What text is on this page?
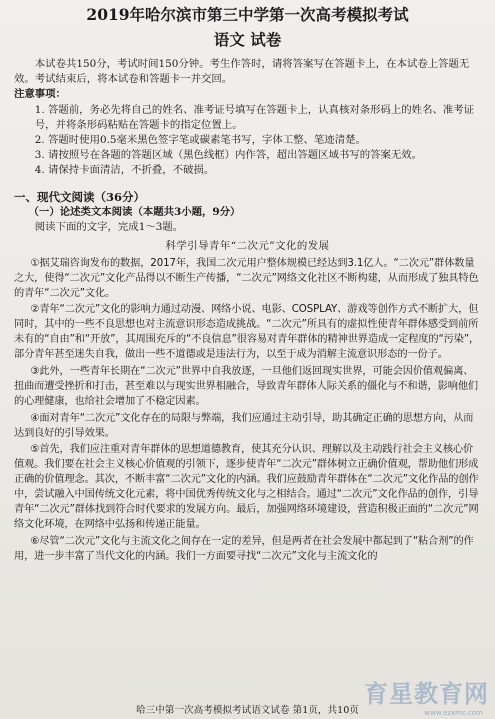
2019年哈尔滨市第三中学第一次高考模拟考试
语文 试卷

本试卷共150分，考试时间150分钟。考生作答时，请将答案写在答题卡上，在本试卷上答题无效。考试结束后，将本试卷和答题卡一并交回。

注意事项：

1. 答题前，务必先将自己的姓名、准考证号填写在答题卡上，认真核对条形码上的姓名、准考证号，并将条形码粘贴在答题卡的指定位置上。

2. 答题时使用0.5毫米黑色签字笔或碳素笔书写，字体工整、笔迹清楚。

3. 请按照号在各题的答题区域（黑色线框）内作答，超出答题区域书写的答案无效。

4. 请保持卡面清洁，不折叠，不破损。

一、现代文阅读（36分）

（一）论述类文本阅读（本题共3小题，9分）

阅读下面的文字，完成1～3题。

科学引导青年“二次元”文化的发展

①据艾瑞咨询发布的数据，2017年，我国二次元用户整体规模已经达到3.1亿人。“二次元”群体数量之大，使得“二次元”文化产品得以不断生产传播，“二次元”网络文化社区不断构建，从而形成了独具特色的青年“二次元”文化。

②青年“二次元”文化的影响力通过动漫、网络小说、电影、COSPLAY、游戏等创作方式不断扩大，但同时，其中的一些不良思想也对主流意识形态造成挑战。“二次元”所具有的虚拟性使青年群体感受到前所未有的“自由”和“开放”，其周围充斥的“不良信息”很容易对青年群体的精神世界造成一定程度的“污染”，部分青年甚至迷失自我，做出一些不道德或是违法行为，以至于成为消解主流意识形态的一份子。

③此外，一些青年长期在“二次元”世界中自我放逐，一旦他们返回现实世界，可能会因价值观偏离、扭曲而遭受挫折和打击，甚至难以与现实世界相融合，导致青年群体人际关系的僵化与不和谐，影响他们的心理健康，也给社会增加了不稳定因素。

④面对青年“二次元”文化存在的局限与弊端，我们应通过主动引导，助其确定正确的思想方向，从而达到良好的引导效果。

⑤首先，我们应注重对青年群体的思想道德教育，使其充分认识、理解以及主动践行社会主义核心价值观。我们要在社会主义核心价值观的引领下，逐步使青年“二次元”群体树立正确价值观，帮助他们形成正确的价值理念。其次，不断丰富“二次元”文化的内涵。我们应鼓励青年群体在“二次元”文化作品的创作中，尝试融入中国传统文化元素，将中国优秀传统文化与之相结合。通过“二次元”文化作品的创作，引导青年“二次元”群体找到符合时代要求的发展方向。最后，加强网络环境建设，营造积极正面的“二次元”网络文化环境，在网络中弘扬和传递正能量。

⑥尽管“二次元”文化与主流文化之间存在一定的差异，但是两者在社会发展中都起到了“粘合剂”的作用，进一步丰富了当代文化的内涵。我们一方面要寻找“二次元”文化与主流文化的

哈三中第一次高考模拟考试语文试卷 第1页，共10页
育星教育网
www.ezxmc.com
